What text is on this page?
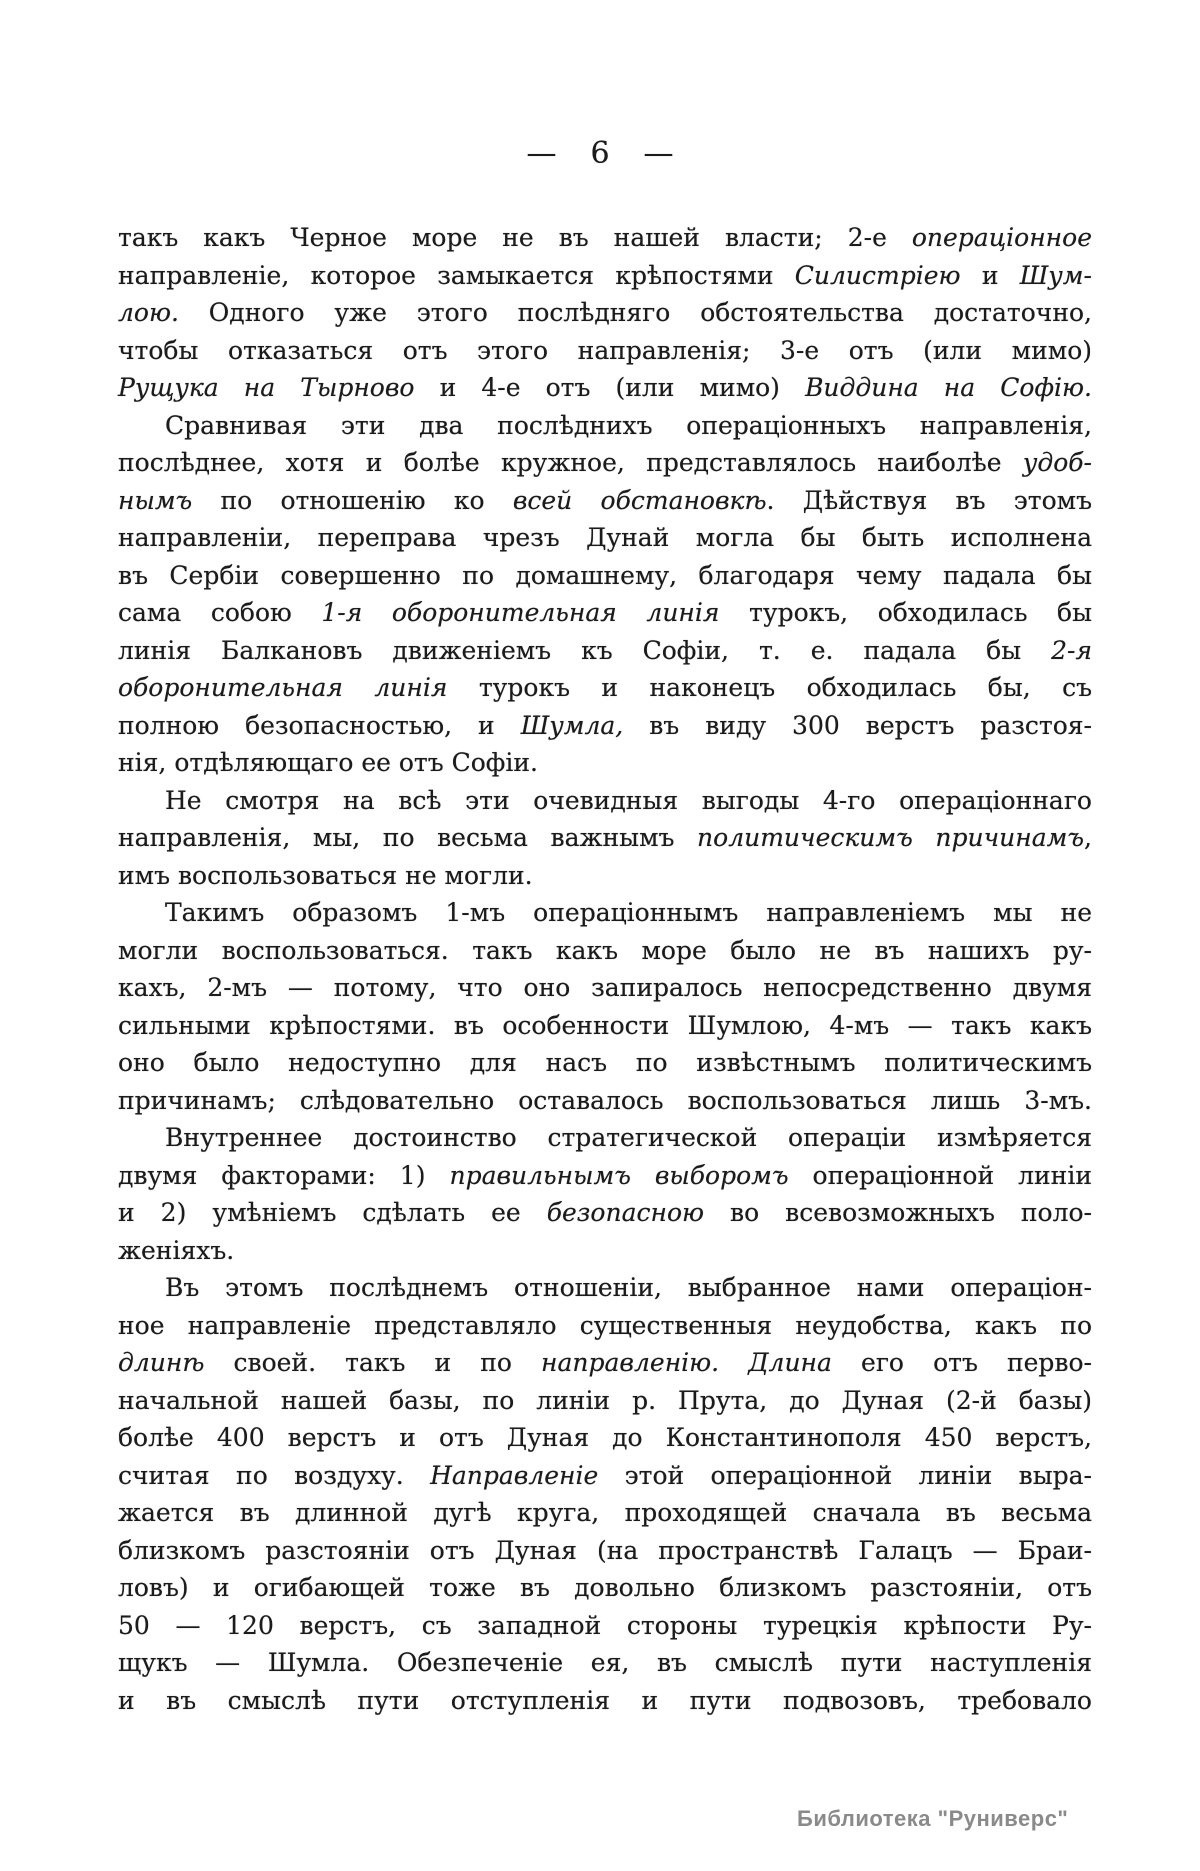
— 6 —
такъ какъ Черное море не въ нашей власти; 2-е операціонное
направленіе, которое замыкается крѣпостями Силистріею и Шум-
лою. Одного уже этого послѣдняго обстоятельства достаточно,
чтобы отказаться отъ этого направленія; 3-е отъ (или мимо)
Рущука на Тырново и 4-е отъ (или мимо) Виддина на Софію.
Сравнивая эти два послѣднихъ операціонныхъ направленія,
послѣднее, хотя и болѣе кружное, представлялось наиболѣе удоб-
нымъ по отношенію ко всей обстановкѣ. Дѣйствуя въ этомъ
направленіи, переправа чрезъ Дунай могла бы быть исполнена
въ Сербіи совершенно по домашнему, благодаря чему падала бы
сама собою 1-я оборонительная линія турокъ, обходилась бы
линія Балкановъ движеніемъ къ Софіи, т. е. падала бы 2-я
оборонительная линія турокъ и наконецъ обходилась бы, съ
полною безопасностью, и Шумла, въ виду 300 верстъ разстоя-
нія, отдѣляющаго ее отъ Софіи.
Не смотря на всѣ эти очевидныя выгоды 4-го операціоннаго
направленія, мы, по весьма важнымъ политическимъ причинамъ,
имъ воспользоваться не могли.
Такимъ образомъ 1-мъ операціоннымъ направленіемъ мы не
могли воспользоваться. такъ какъ море было не въ нашихъ ру-
кахъ, 2-мъ — потому, что оно запиралось непосредственно двумя
сильными крѣпостями. въ особенности Шумлою, 4-мъ — такъ какъ
оно было недоступно для насъ по извѣстнымъ политическимъ
причинамъ; слѣдовательно оставалось воспользоваться лишь 3-мъ.
Внутреннее достоинство стратегической операціи измѣряется
двумя факторами: 1) правильнымъ выборомъ операціонной линіи
и 2) умѣніемъ сдѣлать ее безопасною во всевозможныхъ поло-
женіяхъ.
Въ этомъ послѣднемъ отношеніи, выбранное нами операціон-
ное направленіе представляло существенныя неудобства, какъ по
длинѣ своей. такъ и по направленію. Длина его отъ перво-
начальной нашей базы, по линіи р. Прута, до Дуная (2-й базы)
болѣе 400 верстъ и отъ Дуная до Константинополя 450 верстъ,
считая по воздуху. Направленіе этой операціонной линіи выра-
жается въ длинной дугѣ круга, проходящей сначала въ весьма
близкомъ разстояніи отъ Дуная (на пространствѣ Галацъ — Браи-
ловъ) и огибающей тоже въ довольно близкомъ разстояніи, отъ
50 — 120 верстъ, съ западной стороны турецкія крѣпости Ру-
щукъ — Шумла. Обезпеченіе ея, въ смыслѣ пути наступленія
и въ смыслѣ пути отступленія и пути подвозовъ, требовало
Библиотека "Руниверс"
